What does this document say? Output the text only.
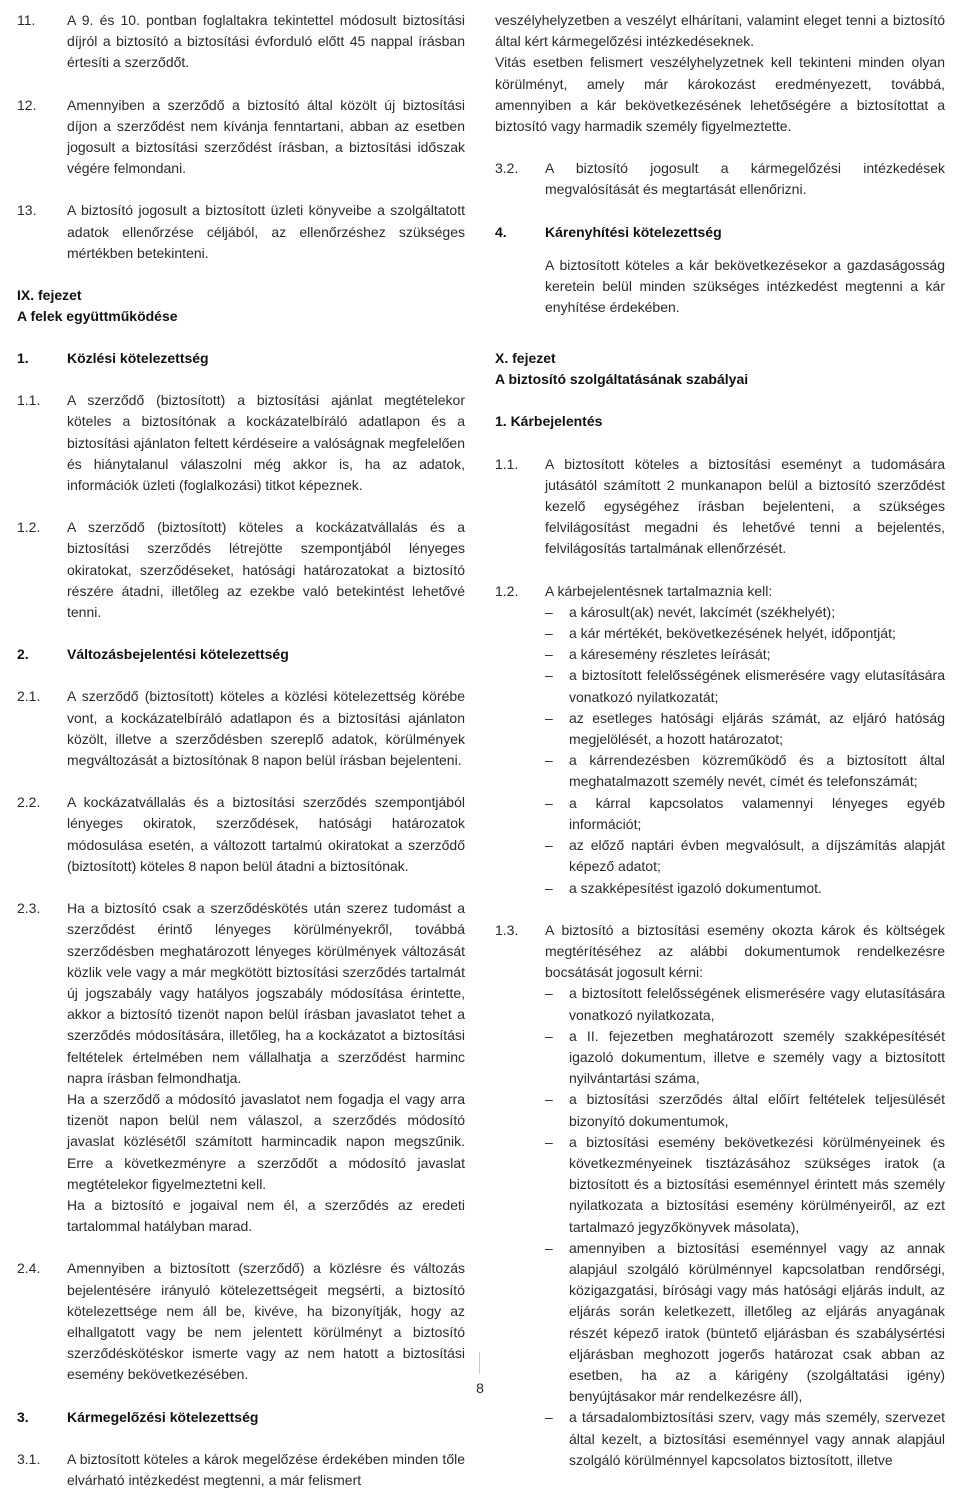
11.	A 9. és 10. pontban foglaltakra tekintettel módosult biztosítási díjról a biztosító a biztosítási évforduló előtt 45 nappal írásban értesíti a szerződőt.
12.	Amennyiben a szerződő a biztosító által közölt új biztosítási díjon a szerződést nem kívánja fenntartani, abban az esetben jogosult a biztosítási szerződést írásban, a biztosítási időszak végére felmondani.
13.	A biztosító jogosult a biztosított üzleti könyveibe a szolgáltatott adatok ellenőrzése céljából, az ellenőrzéshez szükséges mértékben betekinteni.
IX. fejezet
A felek együttműködése
1.	Közlési kötelezettség
1.1.	A szerződő (biztosított) a biztosítási ajánlat megtételekor köteles a biztosítónak a kockázatelbíráló adatlapon és a biztosítási ajánlaton feltett kérdéseire a valóságnak megfelelően és hiánytalanul válaszolni még akkor is, ha az adatok, információk üzleti (foglalkozási) titkot képeznek.
1.2.	A szerződő (biztosított) köteles a kockázatvállalás és a biztosítási szerződés létrejötte szempontjából lényeges okiratokat, szerződéseket, hatósági határozatokat a biztosító részére átadni, illetőleg az ezekbe való betekintést lehetővé tenni.
2.	Változásbejelentési kötelezettség
2.1.	A szerződő (biztosított) köteles a közlési kötelezettség körébe vont, a kockázatelbíráló adatlapon és a biztosítási ajánlaton közölt, illetve a szerződésben szereplő adatok, körülmények megváltozását a biztosítónak 8 napon belül írásban bejelenteni.
2.2.	A kockázatvállalás és a biztosítási szerződés szempontjából lényeges okiratok, szerződések, hatósági határozatok módosulása esetén, a változott tartalmú okiratokat a szerződő (biztosított) köteles 8 napon belül átadni a biztosítónak.
2.3.	Ha a biztosító csak a szerződéskötés után szerez tudomást a szerződést érintő lényeges körülményekről, továbbá szerződésben meghatározott lényeges körülmények változását közlik vele vagy a már megkötött biztosítási szerződés tartalmát új jogszabály vagy hatályos jogszabály módosítása érintette, akkor a biztosító tizenöt napon belül írásban javaslatot tehet a szerződés módosítására, illetőleg, ha a kockázatot a biztosítási feltételek értelmében nem vállalhatja a szerződést harminc napra írásban felmondhatja.
Ha a szerződő a módosító javaslatot nem fogadja el vagy arra tizenöt napon belül nem válaszol, a szerződés módosító javaslat közlésétől számított harmincadik napon megszűnik. Erre a következményre a szerződőt a módosító javaslat megtételekor figyelmeztetni kell.
Ha a biztosító e jogaival nem él, a szerződés az eredeti tartalommal hatályban marad.
2.4.	Amennyiben a biztosított (szerződő) a közlésre és változás bejelentésére irányuló kötelezettségeit megsérti, a biztosító kötelezettsége nem áll be, kivéve, ha bizonyítják, hogy az elhallgatott vagy be nem jelentett körülményt a biztosító szerződéskötéskor ismerte vagy az nem hatott a biztosítási esemény bekövetkezésében.
3.	Kármegelőzési kötelezettség
3.1.	A biztosított köteles a károk megelőzése érdekében minden tőle elvárható intézkedést megtenni, a már felismert
veszélyhelyzetben a veszélyt elhárítani, valamint eleget tenni a biztosító által kért kármegelőzési intézkedéseknek.
Vitás esetben felismert veszélyhelyzetnek kell tekinteni minden olyan körülményt, amely már károkozást eredményezett, továbbá, amennyiben a kár bekövetkezésének lehetőségére a biztosítottat a biztosító vagy harmadik személy figyelmeztette.
3.2.	A biztosító jogosult a kármegelőzési intézkedések megvalósítását és megtartását ellenőrizni.
4.	Kárenyhítési kötelezettség
A biztosított köteles a kár bekövetkezésekor a gazdaságosság keretein belül minden szükséges intézkedést megtenni a kár enyhítése érdekében.
X. fejezet
A biztosító szolgáltatásának szabályai
1. Kárbejelentés
1.1.	A biztosított köteles a biztosítási eseményt a tudomására jutásától számított 2 munkanapon belül a biztosító szerződést kezelő egységéhez írásban bejelenteni, a szükséges felvilágosítást megadni és lehetővé tenni a bejelentés, felvilágosítás tartalmának ellenőrzését.
1.2.	A kárbejelentésnek tartalmaznia kell:
– a károsult(ak) nevét, lakcímét (székhelyét);
– a kár mértékét, bekövetkezésének helyét, időpontját;
– a káresemény részletes leírását;
– a biztosított felelősségének elismerésére vagy elutasítására vonatkozó nyilatkozatát;
– az esetleges hatósági eljárás számát, az eljáró hatóság megjelölését, a hozott határozatot;
– a kárrendezésben közreműködő és a biztosított által meghatalmazott személy nevét, címét és telefonszámát;
– a kárral kapcsolatos valamennyi lényeges egyéb információt;
– az előző naptári évben megvalósult, a díjszámítás alapját képező adatot;
– a szakképesítést igazoló dokumentumot.
1.3.	A biztosító a biztosítási esemény okozta károk és költségek megtérítéséhez az alábbi dokumentumok rendelkezésre bocsátását jogosult kérni:
– a biztosított felelősségének elismerésére vagy elutasítására vonatkozó nyilatkozata,
– a II. fejezetben meghatározott személy szakképesítését igazoló dokumentum, illetve e személy vagy a biztosított nyilvántartási száma,
– a biztosítási szerződés által előírt feltételek teljesülését bizonyító dokumentumok,
– a biztosítási esemény bekövetkezési körülményeinek és következményeinek tisztázásához szükséges iratok (a biztosított és a biztosítási eseménnyel érintett más személy nyilatkozata a biztosítási esemény körülményeiről, az ezt tartalmazó jegyzőkönyvek másolata),
– amennyiben a biztosítási eseménnyel vagy az annak alapjául szolgáló körülménnyel kapcsolatban rendőrségi, közigazgatási, bírósági vagy más hatósági eljárás indult, az eljárás során keletkezett, illetőleg az eljárás anyagának részét képező iratok (büntető eljárásban és szabálysértési eljárásban meghozott jogerős határozat csak abban az esetben, ha az a kárigény (szolgáltatási igény) benyújtásakor már rendelkezésre áll),
– a társadalombiztosítási szerv, vagy más személy, szervezet által kezelt, a biztosítási eseménnyel vagy annak alapjául szolgáló körülménnyel kapcsolatos biztosított, illetve
8
